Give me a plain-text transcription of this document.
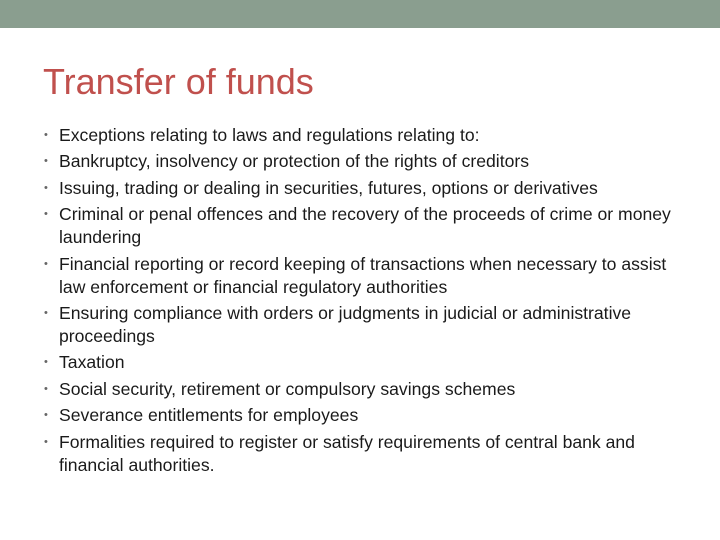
Transfer of funds
• Exceptions relating to laws and regulations relating to:
• Bankruptcy, insolvency or protection of the rights of creditors
• Issuing, trading or dealing in securities, futures, options or derivatives
• Criminal or penal offences and the recovery of the proceeds of crime or money laundering
• Financial reporting or record keeping of transactions when necessary to assist law enforcement or financial regulatory authorities
• Ensuring compliance with orders or judgments in judicial or administrative proceedings
• Taxation
• Social security, retirement or compulsory savings schemes
• Severance entitlements for employees
• Formalities required to register or satisfy requirements of central bank and financial authorities.
